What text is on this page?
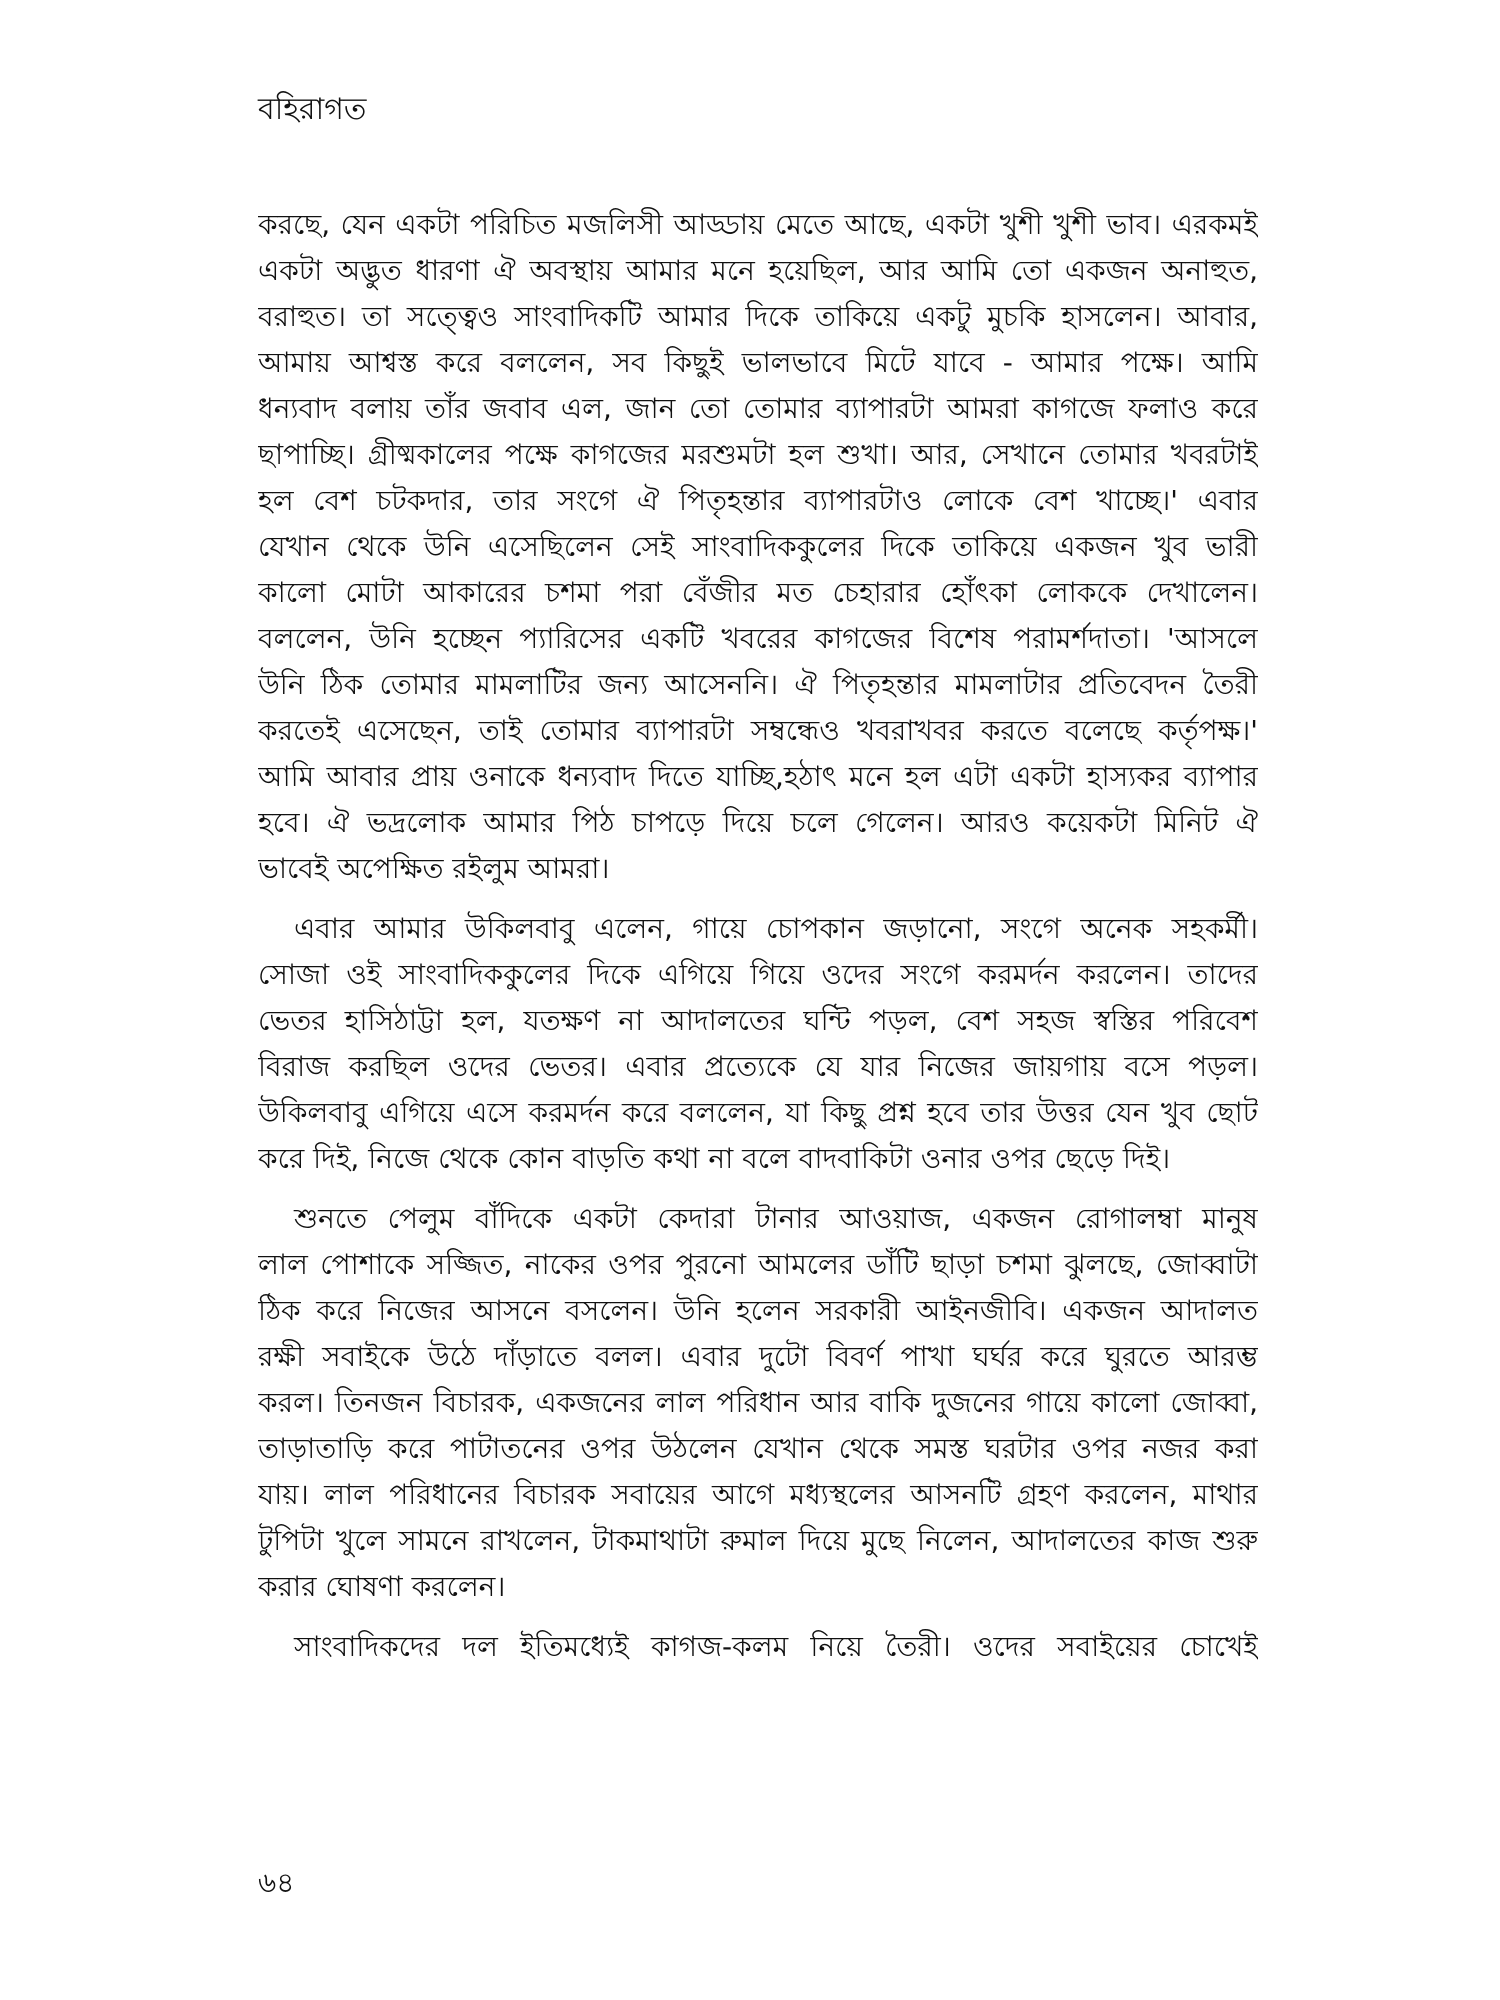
বহিরাগত
করছে, যেন একটা পরিচিত মজলিসী আড্ডায় মেতে আছে, একটা খুশী খুশী ভাব। এরকমই
একটা অদ্ভুত ধারণা ঐ অবস্থায় আমার মনে হয়েছিল, আর আমি তো একজন অনাহুত,
বরাহুত। তা সত্ত্বেও সাংবাদিকটি আমার দিকে তাকিয়ে একটু মুচকি হাসলেন। আবার,
আমায় আশ্বস্ত করে বললেন, সব কিছুই ভালভাবে মিটে যাবে - আমার পক্ষে। আমি
ধন্যবাদ বলায় তাঁর জবাব এল, জান তো তোমার ব্যাপারটা আমরা কাগজে ফলাও করে
ছাপাচ্ছি। গ্রীষ্মকালের পক্ষে কাগজের মরশুমটা হল শুখা। আর, সেখানে তোমার খবরটাই
হল বেশ চটকদার, তার সংগে ঐ পিতৃহন্তার ব্যাপারটাও লোকে বেশ খাচ্ছে।' এবার
যেখান থেকে উনি এসেছিলেন সেই সাংবাদিককুলের দিকে তাকিয়ে একজন খুব ভারী
কালো মোটা আকারের চশমা পরা বেঁজীর মত চেহারার হোঁৎকা লোককে দেখালেন।
বললেন, উনি হচ্ছেন প্যারিসের একটি খবরের কাগজের বিশেষ পরামর্শদাতা। 'আসলে
উনি ঠিক তোমার মামলাটির জন্য আসেননি। ঐ পিতৃহন্তার মামলাটার প্রতিবেদন তৈরী
করতেই এসেছেন, তাই তোমার ব্যাপারটা সম্বন্ধেও খবরাখবর করতে বলেছে কর্তৃপক্ষ।'
আমি আবার প্রায় ওনাকে ধন্যবাদ দিতে যাচ্ছি,হঠাৎ মনে হল এটা একটা হাস্যকর ব্যাপার
হবে। ঐ ভদ্রলোক আমার পিঠ চাপড়ে দিয়ে চলে গেলেন। আরও কয়েকটা মিনিট ঐ
ভাবেই অপেক্ষিত রইলুম আমরা।
এবার আমার উকিলবাবু এলেন, গায়ে চোপকান জড়ানো, সংগে অনেক সহকর্মী।
সোজা ওই সাংবাদিককুলের দিকে এগিয়ে গিয়ে ওদের সংগে করমর্দন করলেন। তাদের
ভেতর হাসিঠাট্টা হল, যতক্ষণ না আদালতের ঘন্টি পড়ল, বেশ সহজ স্বস্তির পরিবেশ
বিরাজ করছিল ওদের ভেতর। এবার প্রত্যেকে যে যার নিজের জায়গায় বসে পড়ল।
উকিলবাবু এগিয়ে এসে করমর্দন করে বললেন, যা কিছু প্রশ্ন হবে তার উত্তর যেন খুব ছোট
করে দিই, নিজে থেকে কোন বাড়তি কথা না বলে বাদবাকিটা ওনার ওপর ছেড়ে দিই।
শুনতে পেলুম বাঁদিকে একটা কেদারা টানার আওয়াজ, একজন রোগালম্বা মানুষ
লাল পোশাকে সজ্জিত, নাকের ওপর পুরনো আমলের ডাঁটি ছাড়া চশমা ঝুলছে, জোব্বাটা
ঠিক করে নিজের আসনে বসলেন। উনি হলেন সরকারী আইনজীবি। একজন আদালত
রক্ষী সবাইকে উঠে দাঁড়াতে বলল। এবার দুটো বিবর্ণ পাখা ঘর্ঘর করে ঘুরতে আরম্ভ
করল। তিনজন বিচারক, একজনের লাল পরিধান আর বাকি দুজনের গায়ে কালো জোব্বা,
তাড়াতাড়ি করে পাটাতনের ওপর উঠলেন যেখান থেকে সমস্ত ঘরটার ওপর নজর করা
যায়। লাল পরিধানের বিচারক সবায়ের আগে মধ্যস্থলের আসনটি গ্রহণ করলেন, মাথার
টুপিটা খুলে সামনে রাখলেন, টাকমাথাটা রুমাল দিয়ে মুছে নিলেন, আদালতের কাজ শুরু
করার ঘোষণা করলেন।
সাংবাদিকদের দল ইতিমধ্যেই কাগজ-কলম নিয়ে তৈরী। ওদের সবাইয়ের চোখেই
৬৪
